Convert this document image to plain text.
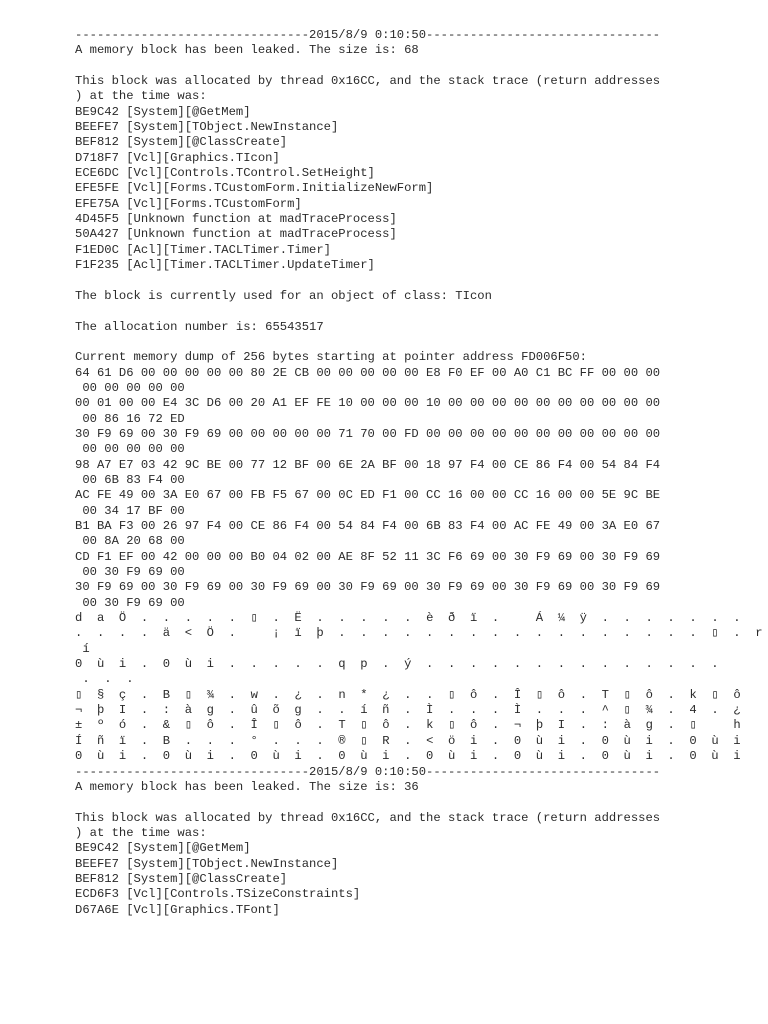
--------------------------------2015/8/9 0:10:50--------------------------------
A memory block has been leaked. The size is: 68
This block was allocated by thread 0x16CC, and the stack trace (return addresses
) at the time was:
BE9C42 [System][@GetMem]
BEEFE7 [System][TObject.NewInstance]
BEF812 [System][@ClassCreate]
D718F7 [Vcl][Graphics.TIcon]
ECE6DC [Vcl][Controls.TControl.SetHeight]
EFE5FE [Vcl][Forms.TCustomForm.InitializeNewForm]
EFE75A [Vcl][Forms.TCustomForm]
4D45F5 [Unknown function at madTraceProcess]
50A427 [Unknown function at madTraceProcess]
F1ED0C [Acl][Timer.TACLTimer.Timer]
F1F235 [Acl][Timer.TACLTimer.UpdateTimer]
The block is currently used for an object of class: TIcon
The allocation number is: 65543517
Current memory dump of 256 bytes starting at pointer address FD006F50:
64 61 D6 00 00 00 00 00 80 2E CB 00 00 00 00 00 E8 F0 EF 00 A0 C1 BC FF 00 00 00
00 00 00 00 00
00 01 00 00 E4 3C D6 00 20 A1 EF FE 10 00 00 00 10 00 00 00 00 00 00 00 00 00 00
00 86 16 72 ED
30 F9 69 00 30 F9 69 00 00 00 00 00 71 70 00 FD 00 00 00 00 00 00 00 00 00 00 00
00 00 00 00 00
98 A7 E7 03 42 9C BE 00 77 12 BF 00 6E 2A BF 00 18 97 F4 00 CE 86 F4 00 54 84 F4
00 6B 83 F4 00
AC FE 49 00 3A E0 67 00 FB F5 67 00 0C ED F1 00 CC 16 00 00 CC 16 00 00 5E 9C BE
00 34 17 BF 00
B1 BA F3 00 26 97 F4 00 CE 86 F4 00 54 84 F4 00 6B 83 F4 00 AC FE 49 00 3A E0 67
00 8A 20 68 00
CD F1 EF 00 42 00 00 00 B0 04 02 00 AE 8F 52 11 3C F6 69 00 30 F9 69 00 30 F9 69
00 30 F9 69 00
30 F9 69 00 30 F9 69 00 30 F9 69 00 30 F9 69 00 30 F9 69 00 30 F9 69 00 30 F9 69
00 30 F9 69 00
d  a  Ö  .  .  .  .  .  ▯  .  Ë  .  .  .  .  .  è  ð  ï  .     Á  ¼  ÿ  .  .  .  .  .  .  .
.  .  .  .  ä  <  Ö  .     ¡  ï  þ  .  .  .  .  .  .  .  .  .  .  .  .  .  .  .  .  .  ▯  .  r
í
0  ù  i  .  0  ù  i  .  .  .  .  .  q  p  .  ý  .  .  .  .  .  .  .  .  .  .  .  .  .  .
.  .  .
▯  §  ç  .  B  ▯  ¾  .  w  .  ¿  .  n  *  ¿  .  .  ▯  ô  .  Î  ▯  ô  .  T  ▯  ô  .  k  ▯  ô
¬  þ  I  .  :  à  g  .  û  õ  g  .  .  í  ñ  .  Ì  .  .  .  Ì  .  .  .  ^  ▯  ¾  .  4  .  ¿
±  º  ó  .  &  ▯  ô  .  Î  ▯  ô  .  T  ▯  ô  .  k  ▯  ô  .  ¬  þ  I  .  :  à  g  .  ▯     h
Í  ñ  ï  .  B  .  .  .  °  .  .  .  ®  ▯  R  .  <  ö  i  .  0  ù  i  .  0  ù  i  .  0  ù  i
0  ù  i  .  0  ù  i  .  0  ù  i  .  0  ù  i  .  0  ù  i  .  0  ù  i  .  0  ù  i  .  0  ù  i
--------------------------------2015/8/9 0:10:50--------------------------------
A memory block has been leaked. The size is: 36
This block was allocated by thread 0x16CC, and the stack trace (return addresses
) at the time was:
BE9C42 [System][@GetMem]
BEEFE7 [System][TObject.NewInstance]
BEF812 [System][@ClassCreate]
ECD6F3 [Vcl][Controls.TSizeConstraints]
D67A6E [Vcl][Graphics.TFont]
